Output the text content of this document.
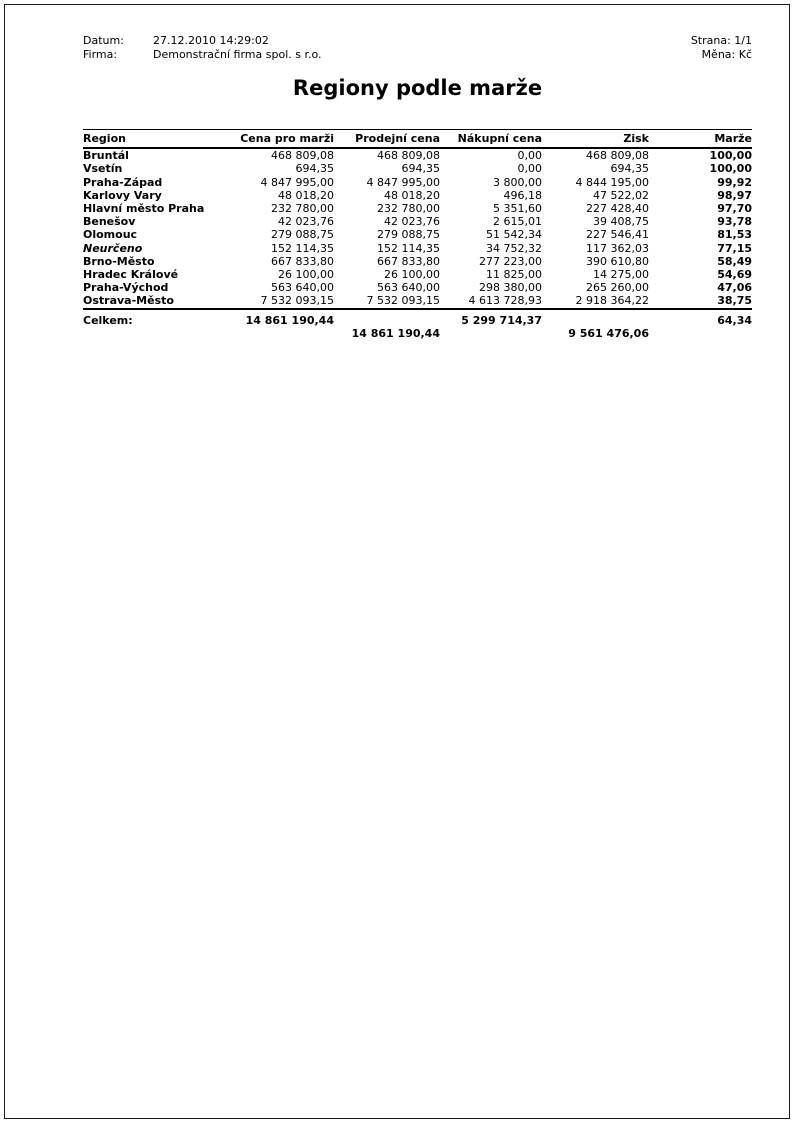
Datum:	27.12.2010 14:29:02
Firma:	Demonstrační firma spol. s r.o.
Strana: 1/1
Měna: Kč
Regiony podle marže
Region	Cena pro marži	Prodejní cena	Nákupní cena	Zisk	Marže
Bruntál	468 809,08	468 809,08	0,00	468 809,08	100,00
Vsetín	694,35	694,35	0,00	694,35	100,00
Praha-Západ	4 847 995,00	4 847 995,00	3 800,00	4 844 195,00	99,92
Karlovy Vary	48 018,20	48 018,20	496,18	47 522,02	98,97
Hlavní město Praha	232 780,00	232 780,00	5 351,60	227 428,40	97,70
Benešov	42 023,76	42 023,76	2 615,01	39 408,75	93,78
Olomouc	279 088,75	279 088,75	51 542,34	227 546,41	81,53
Neurčeno	152 114,35	152 114,35	34 752,32	117 362,03	77,15
Brno-Město	667 833,80	667 833,80	277 223,00	390 610,80	58,49
Hradec Králové	26 100,00	26 100,00	11 825,00	14 275,00	54,69
Praha-Východ	563 640,00	563 640,00	298 380,00	265 260,00	47,06
Ostrava-Město	7 532 093,15	7 532 093,15	4 613 728,93	2 918 364,22	38,75
Celkem:	14 861 190,44		5 299 714,37		64,34
		14 861 190,44		9 561 476,06	
